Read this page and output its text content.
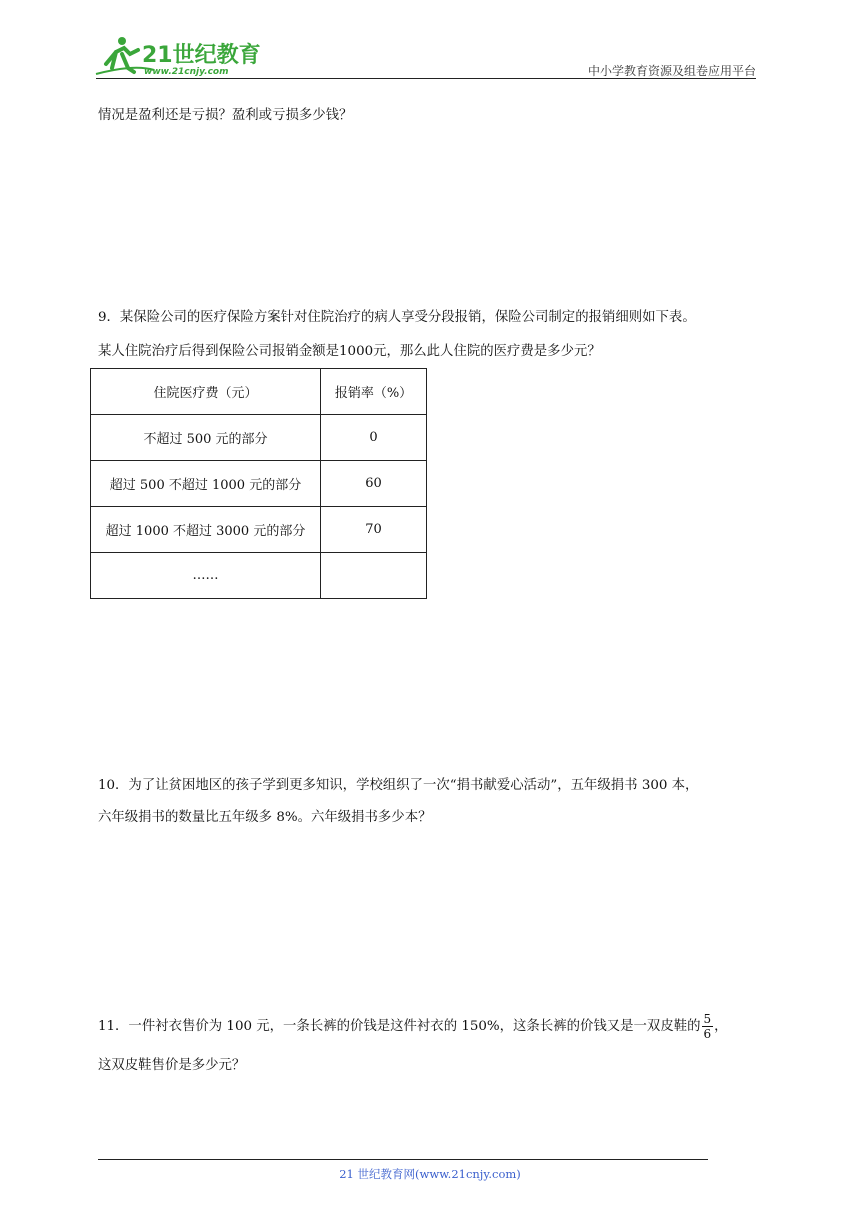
21世纪教育
www.21cnjy.com	中小学教育资源及组卷应用平台
情况是盈利还是亏损？盈利或亏损多少钱？
9．某保险公司的医疗保险方案针对住院治疗的病人享受分段报销，保险公司制定的报销细则如下表。
某人住院治疗后得到保险公司报销金额是1000元，那么此人住院的医疗费是多少元？
住院医疗费（元）	报销率（%）
不超过 500 元的部分	0
超过 500 不超过 1000 元的部分	60
超过 1000 不超过 3000 元的部分	70
……	
10．为了让贫困地区的孩子学到更多知识，学校组织了一次“捐书献爱心活动”，五年级捐书 300 本，
六年级捐书的数量比五年级多 8%。六年级捐书多少本？
11．一件衬衣售价为 100 元，一条长裤的价钱是这件衬衣的 150%，这条长裤的价钱又是一双皮鞋的 $\frac{5}{6}$ ，
这双皮鞋售价是多少元？
21 世纪教育网(www.21cnjy.com)
